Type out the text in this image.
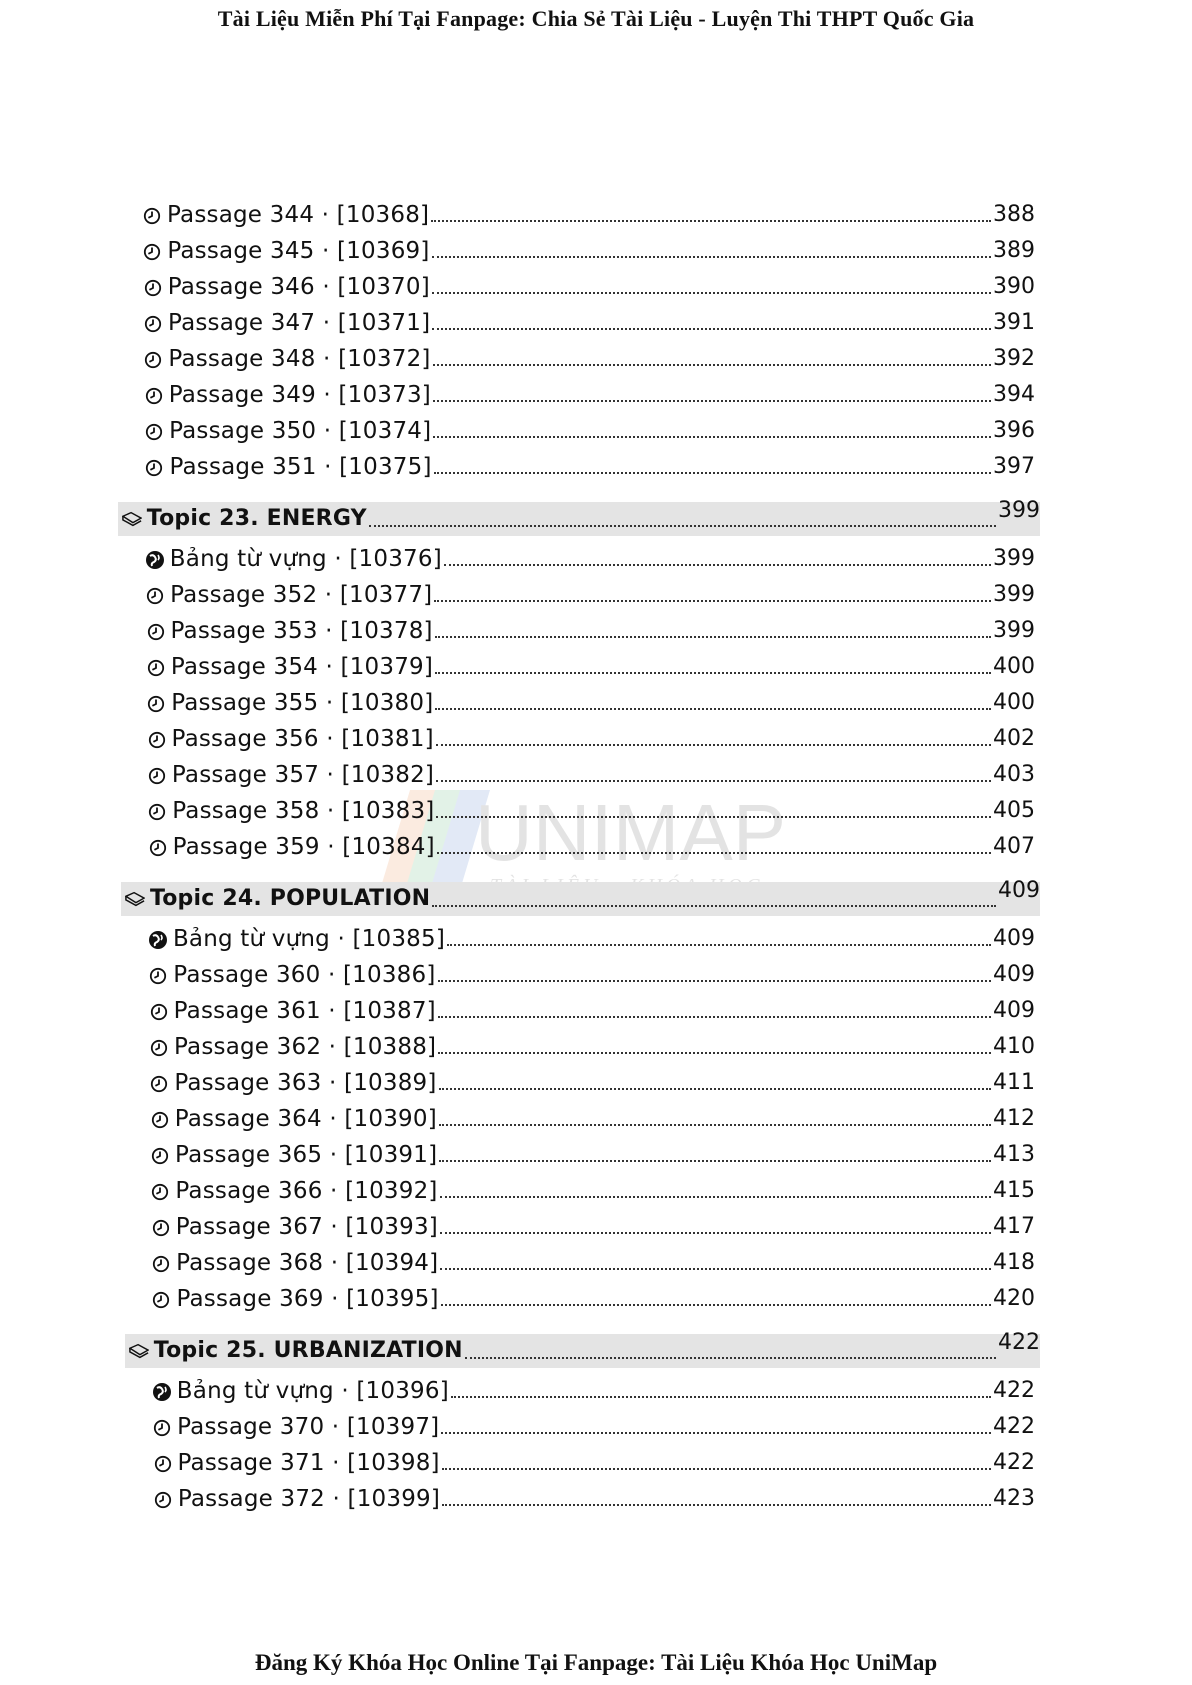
Tài Liệu Miễn Phí Tại Fanpage: Chia Sẻ Tài Liệu - Luyện Thi THPT Quốc Gia
UNIMAP
Passage 344 · [10368]	388
Passage 345 · [10369]	389
Passage 346 · [10370]	390
Passage 347 · [10371]	391
Passage 348 · [10372]	392
Passage 349 · [10373]	394
Passage 350 · [10374]	396
Passage 351 · [10375]	397
Topic 23. ENERGY	399
Bảng từ vựng · [10376]	399
Passage 352 · [10377]	399
Passage 353 · [10378]	399
Passage 354 · [10379]	400
Passage 355 · [10380]	400
Passage 356 · [10381]	402
Passage 357 · [10382]	403
Passage 358 · [10383]	405
Passage 359 · [10384]	407
Topic 24. POPULATION	409
Bảng từ vựng · [10385]	409
Passage 360 · [10386]	409
Passage 361 · [10387]	409
Passage 362 · [10388]	410
Passage 363 · [10389]	411
Passage 364 · [10390]	412
Passage 365 · [10391]	413
Passage 366 · [10392]	415
Passage 367 · [10393]	417
Passage 368 · [10394]	418
Passage 369 · [10395]	420
Topic 25. URBANIZATION	422
Bảng từ vựng · [10396]	422
Passage 370 · [10397]	422
Passage 371 · [10398]	422
Passage 372 · [10399]	423
Đăng Ký Khóa Học Online Tại Fanpage: Tài Liệu Khóa Học UniMap
